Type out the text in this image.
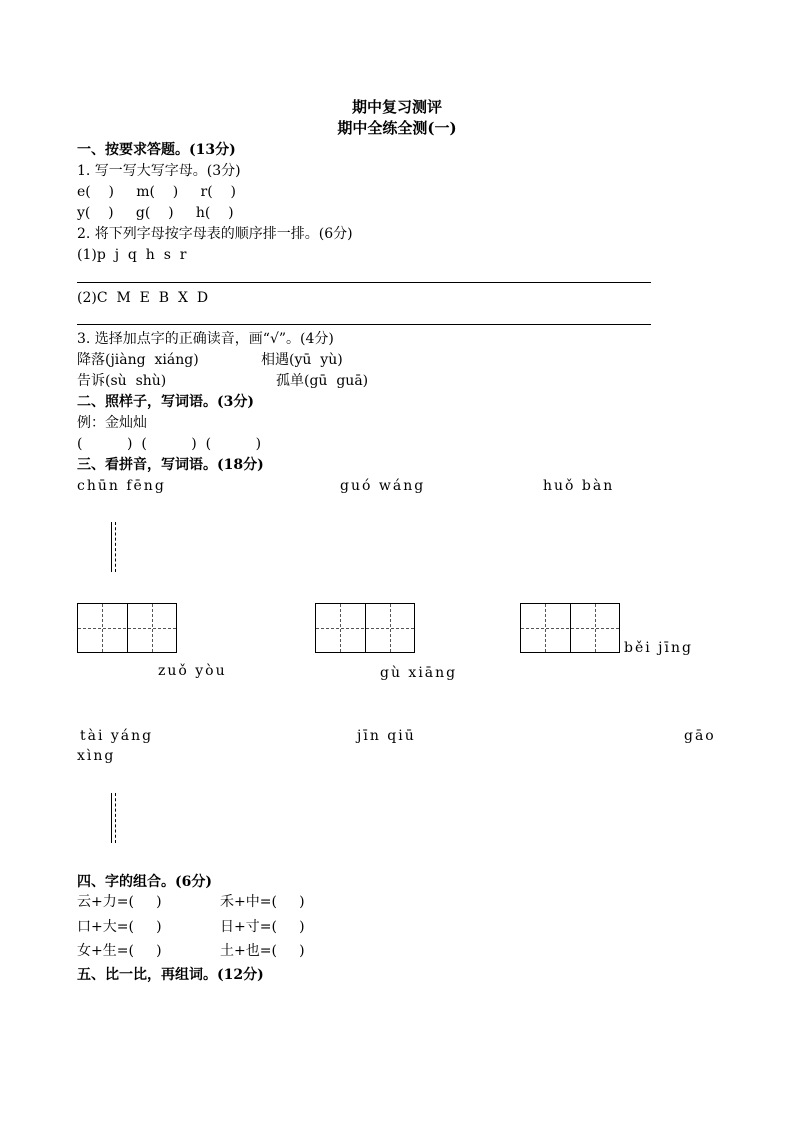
期中复习测评
期中全练全测(一)
一、按要求答题。(13分)
1. 写一写大写字母。(3分)
e(    )     m(    )     r(    )
y(    )     g(    )     h(    )
2. 将下列字母按字母表的顺序排一排。(6分)
(1)p  j  q  h  s  r
(2)C  M  E  B  X  D
3. 选择加点字的正确读音，画“√”。(4分)
降落(jiàng  xiáng)	相遇(yū  yù)
告诉(sù  shù)	孤单(gū  guā)
二、照样子，写词语。(3分)
例：金灿灿
(          )  (          )  (          )
三、看拼音，写词语。(18分)
chūn fēng	guó wáng	huǒ bàn
běi jīng
zuǒ yòu	gù xiāng
tài yáng	jīn qiū	gāo
xìng
四、字的组合。(6分)
云+力=(     )	禾+中=(     )
口+大=(     )	日+寸=(     )
女+生=(     )	土+也=(     )
五、比一比，再组词。(12分)
